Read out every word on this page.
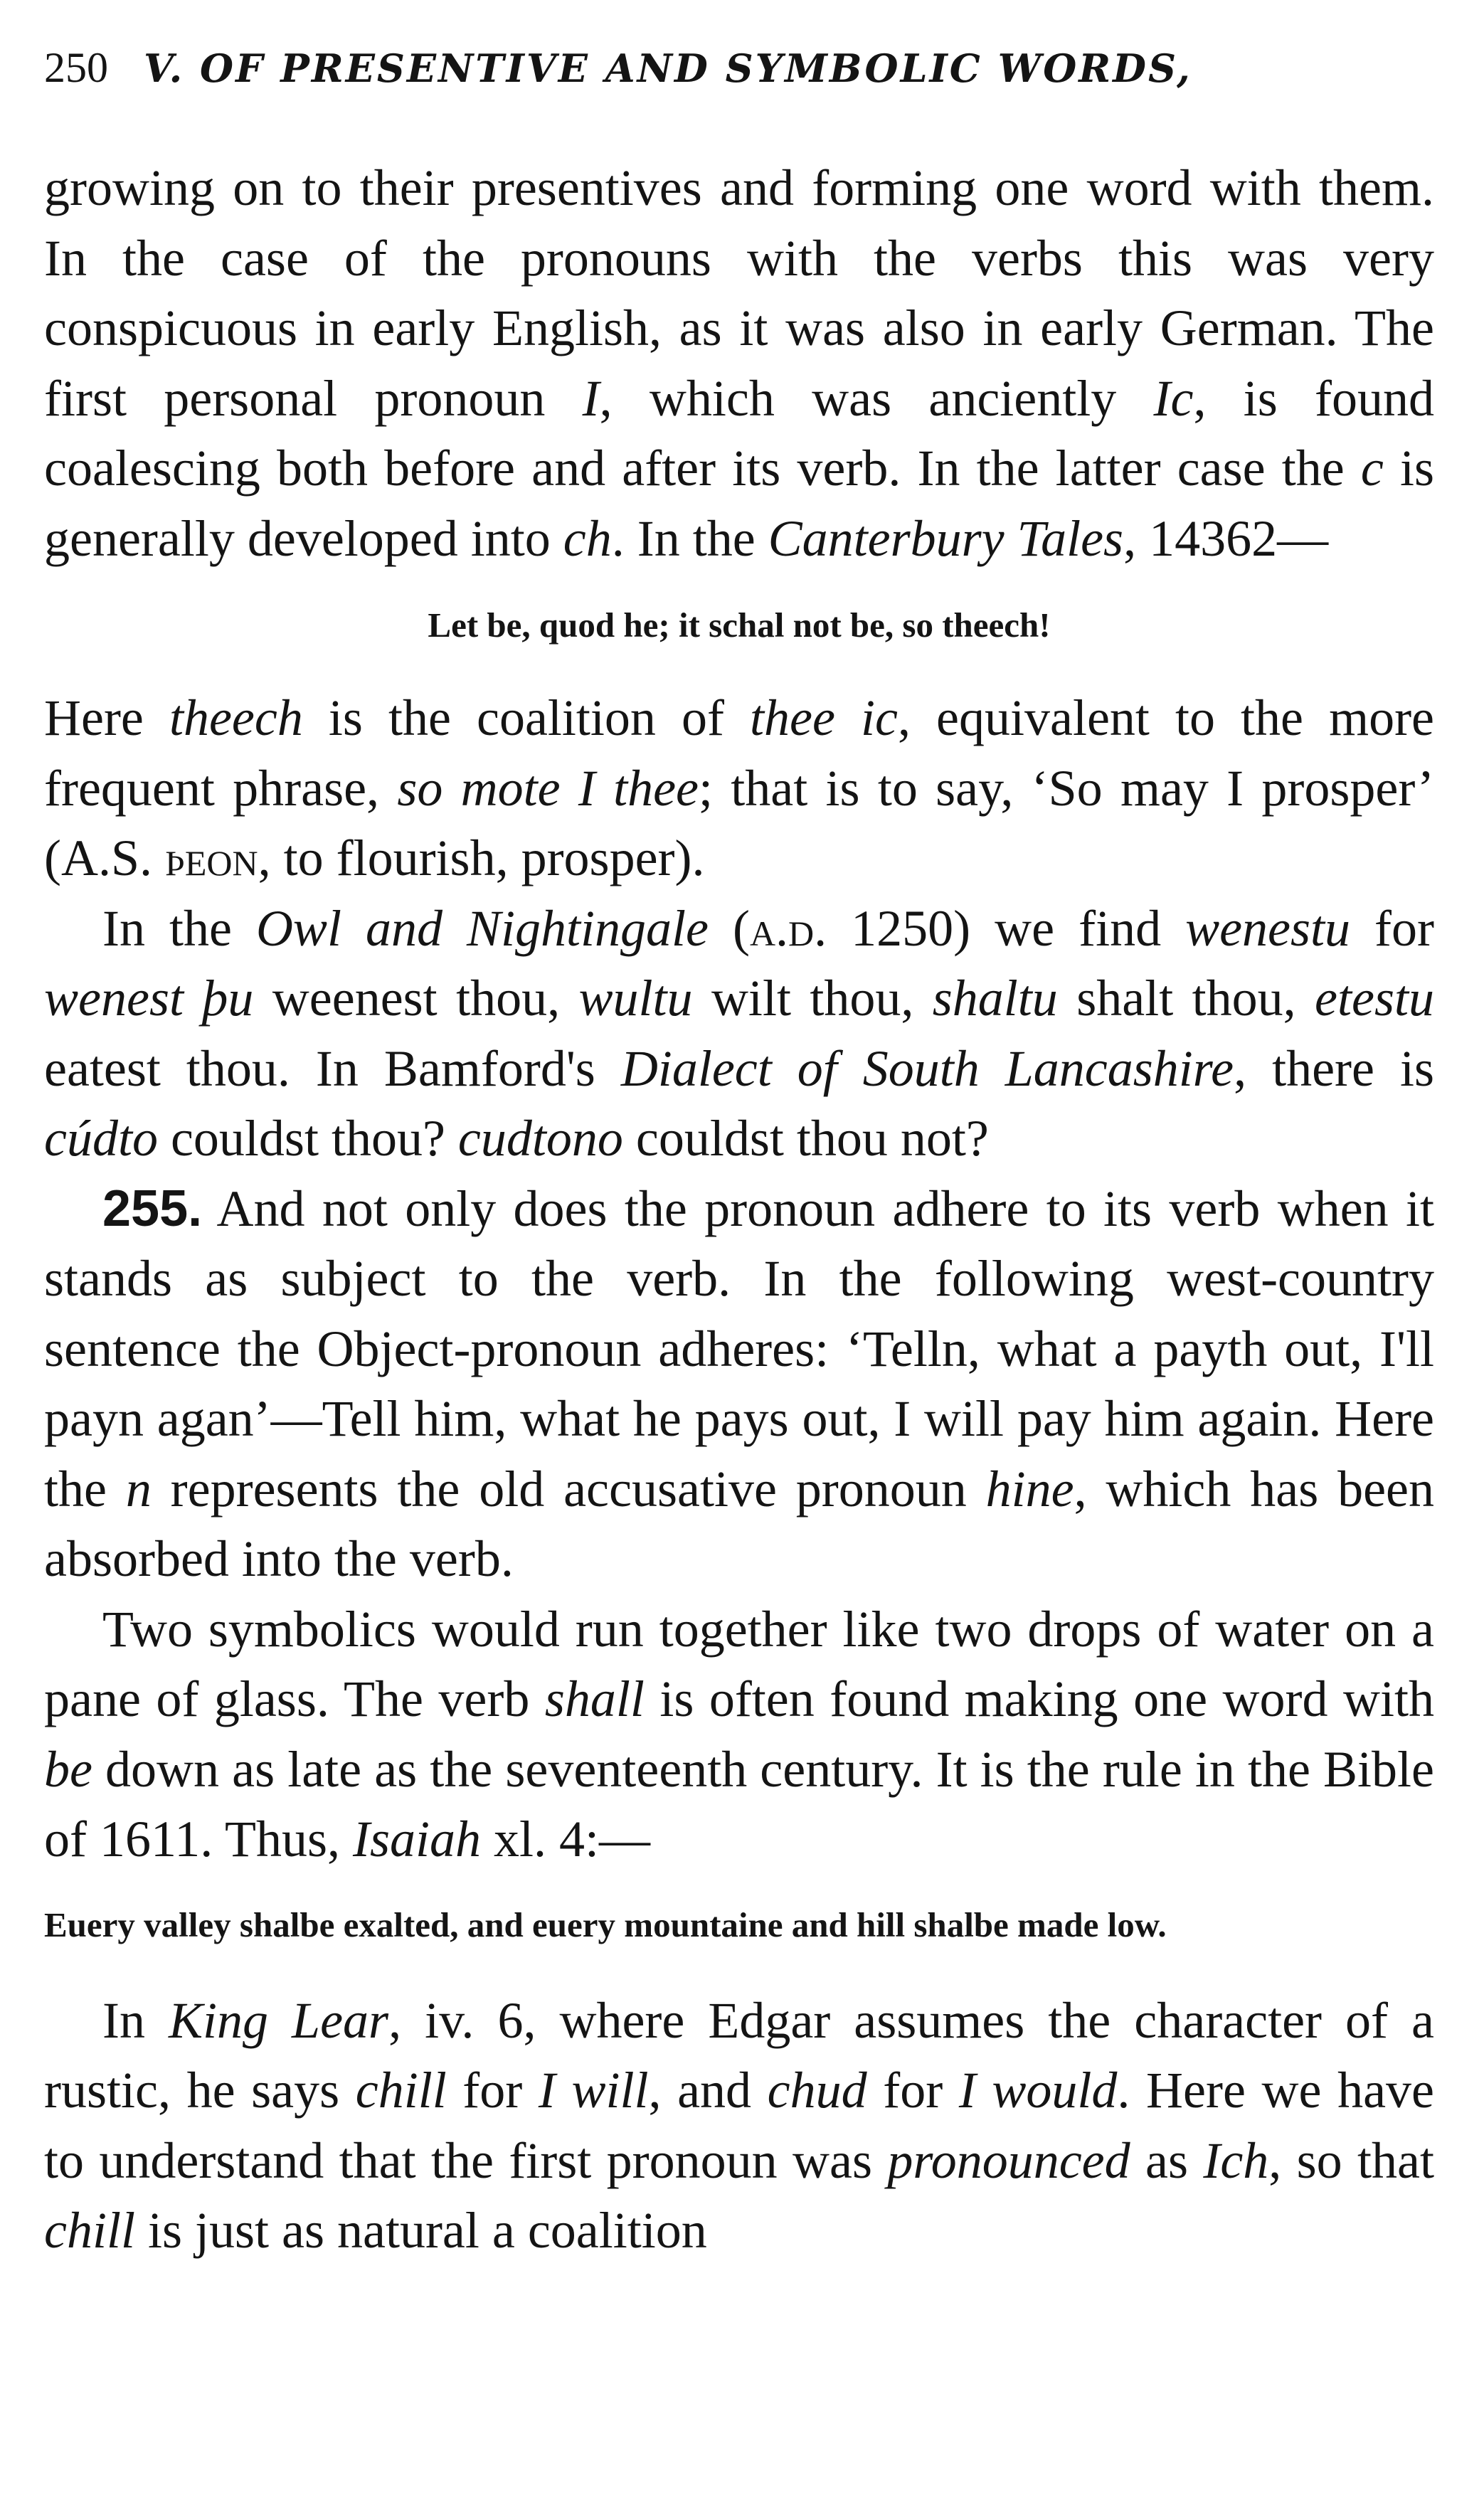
250 V. OF PRESENTIVE AND SYMBOLIC WORDS,

growing on to their presentives and forming one word with them. In the case of the pronouns with the verbs this was very conspicuous in early English, as it was also in early German. The first personal pronoun I, which was anciently Ic, is found coalescing both before and after its verb. In the latter case the c is generally developed into ch. In the Canterbury Tales, 14362—

Let be, quod he; it schal not be, so theech!

Here theech is the coalition of thee ic, equivalent to the more frequent phrase, so mote I thee; that is to say, ‘So may I prosper’ (A.S. þeon, to flourish, prosper).

In the Owl and Nightingale (a.d. 1250) we find wenestu for wenest þu weenest thou, wultu wilt thou, shaltu shalt thou, etestu eatest thou. In Bamford's Dialect of South Lancashire, there is cúdto couldst thou? cudtono couldst thou not?

255. And not only does the pronoun adhere to its verb when it stands as subject to the verb. In the following west-country sentence the Object-pronoun adheres: ‘Telln, what a payth out, I'll payn agan’—Tell him, what he pays out, I will pay him again. Here the n represents the old accusative pronoun hine, which has been absorbed into the verb.

Two symbolics would run together like two drops of water on a pane of glass. The verb shall is often found making one word with be down as late as the seventeenth century. It is the rule in the Bible of 1611. Thus, Isaiah xl. 4:—

Euery valley shalbe exalted, and euery mountaine and hill shalbe made low.

In King Lear, iv. 6, where Edgar assumes the character of a rustic, he says chill for I will, and chud for I would. Here we have to understand that the first pronoun was pronounced as Ich, so that chill is just as natural a coalition
